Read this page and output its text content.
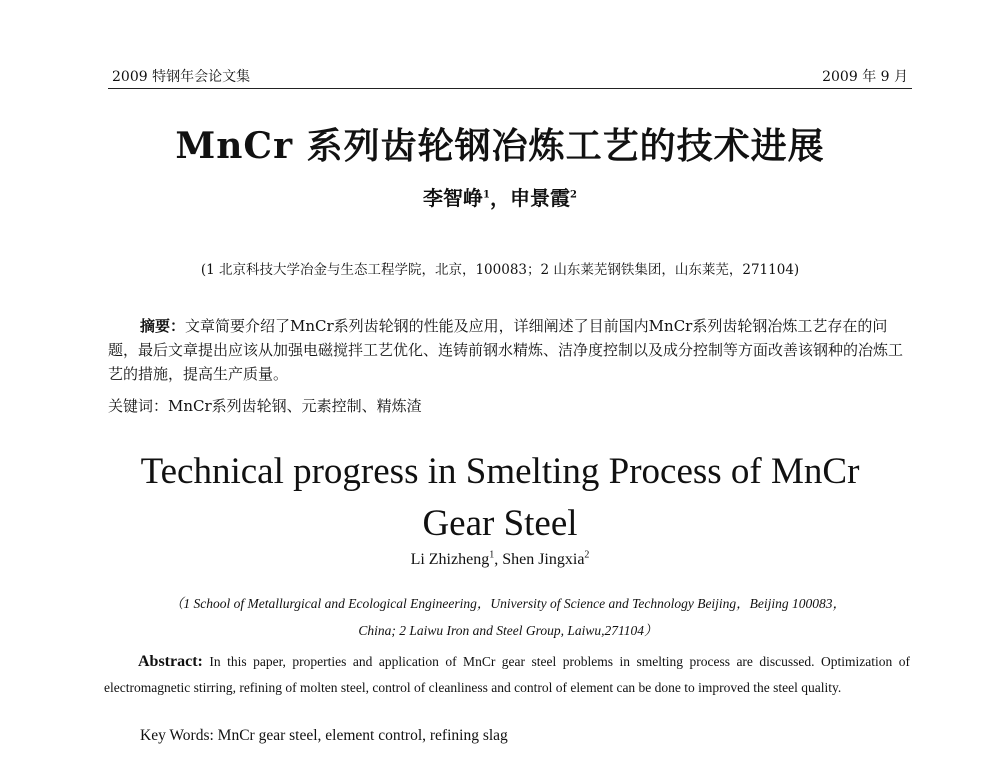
2009 特钢年会论文集	2009 年 9 月
MnCr 系列齿轮钢冶炼工艺的技术进展
李智峥$^1$，申景霞$^2$
(1 北京科技大学冶金与生态工程学院，北京，100083；2 山东莱芜钢铁集团，山东莱芜，271104)
摘要：文章简要介绍了MnCr系列齿轮钢的性能及应用，详细阐述了目前国内MnCr系列齿轮钢冶炼工艺存在的问题，最后文章提出应该从加强电磁搅拌工艺优化、连铸前钢水精炼、洁净度控制以及成分控制等方面改善该钢种的冶炼工艺的措施，提高生产质量。
关键词：MnCr系列齿轮钢、元素控制、精炼渣
Technical progress in Smelting Process of MnCr
Gear Steel
Li Zhizheng$^1$, Shen Jingxia$^2$
（1 School of Metallurgical and Ecological Engineering，University of Science and Technology Beijing，Beijing 100083，
China; 2 Laiwu Iron and Steel Group, Laiwu,271104）
Abstract: In this paper, properties and application of MnCr gear steel problems in smelting process are discussed. Optimization of electromagnetic stirring, refining of molten steel, control of cleanliness and control of element can be done to improved the steel quality.
Key Words: MnCr gear steel, element control, refining slag
